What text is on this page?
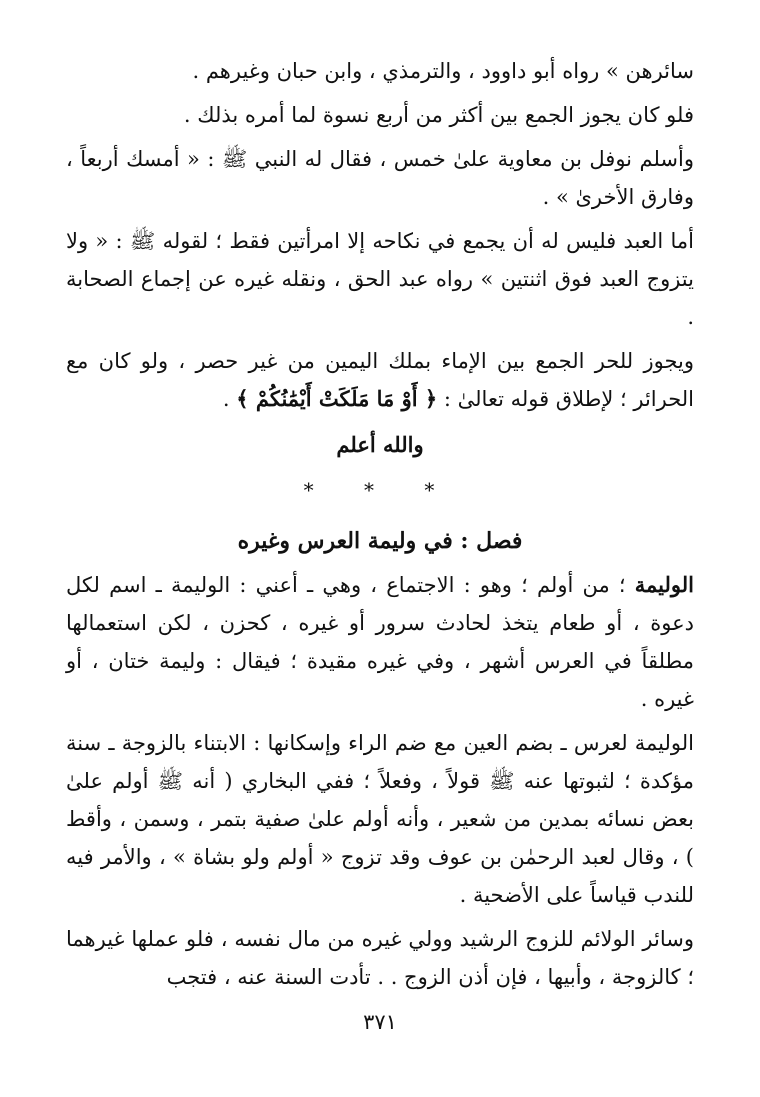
سائرهن » رواه أبو داوود ، والترمذي ، وابن حبان وغيرهم .

فلو كان يجوز الجمع بين أكثر من أربع نسوة لما أمره بذلك .

وأسلم نوفل بن معاوية علىٰ خمس ، فقال له النبي ﷺ : « أمسك أربعاً ، وفارق الأخرىٰ » .

أما العبد فليس له أن يجمع في نكاحه إلا امرأتين فقط ؛ لقوله ﷺ : « ولا يتزوج العبد فوق اثنتين » رواه عبد الحق ، ونقله غيره عن إجماع الصحابة .

ويجوز للحر الجمع بين الإماء بملك اليمين من غير حصر ، ولو كان مع الحرائر ؛ لإطلاق قوله تعالىٰ : ﴿ أَوْ مَا مَلَكَتْ أَيْمَٰنُكُمْ ﴾ .

والله أعلم
* * *
فصل : في وليمة العرس وغيره

الوليمة ؛ من أولم ؛ وهو : الاجتماع ، وهي ـ أعني : الوليمة ـ اسم لكل دعوة ، أو طعام يتخذ لحادث سرور أو غيره ، كحزن ، لكن استعمالها مطلقاً في العرس أشهر ، وفي غيره مقيدة ؛ فيقال : وليمة ختان ، أو غيره .

الوليمة لعرس ـ بضم العين مع ضم الراء وإسكانها : الابتناء بالزوجة ـ سنة مؤكدة ؛ لثبوتها عنه ﷺ قولاً ، وفعلاً ؛ ففي البخاري ( أنه ﷺ أولم علىٰ بعض نسائه بمدين من شعير ، وأنه أولم علىٰ صفية بتمر ، وسمن ، وأقط ) ، وقال لعبد الرحمٰن بن عوف وقد تزوج « أولم ولو بشاة » ، والأمر فيه للندب قياساً على الأضحية .

وسائر الولائم للزوج الرشيد وولي غيره من مال نفسه ، فلو عملها غيرهما ؛ كالزوجة ، وأبيها ، فإن أذن الزوج . . تأدت السنة عنه ، فتجب

٣٧١
